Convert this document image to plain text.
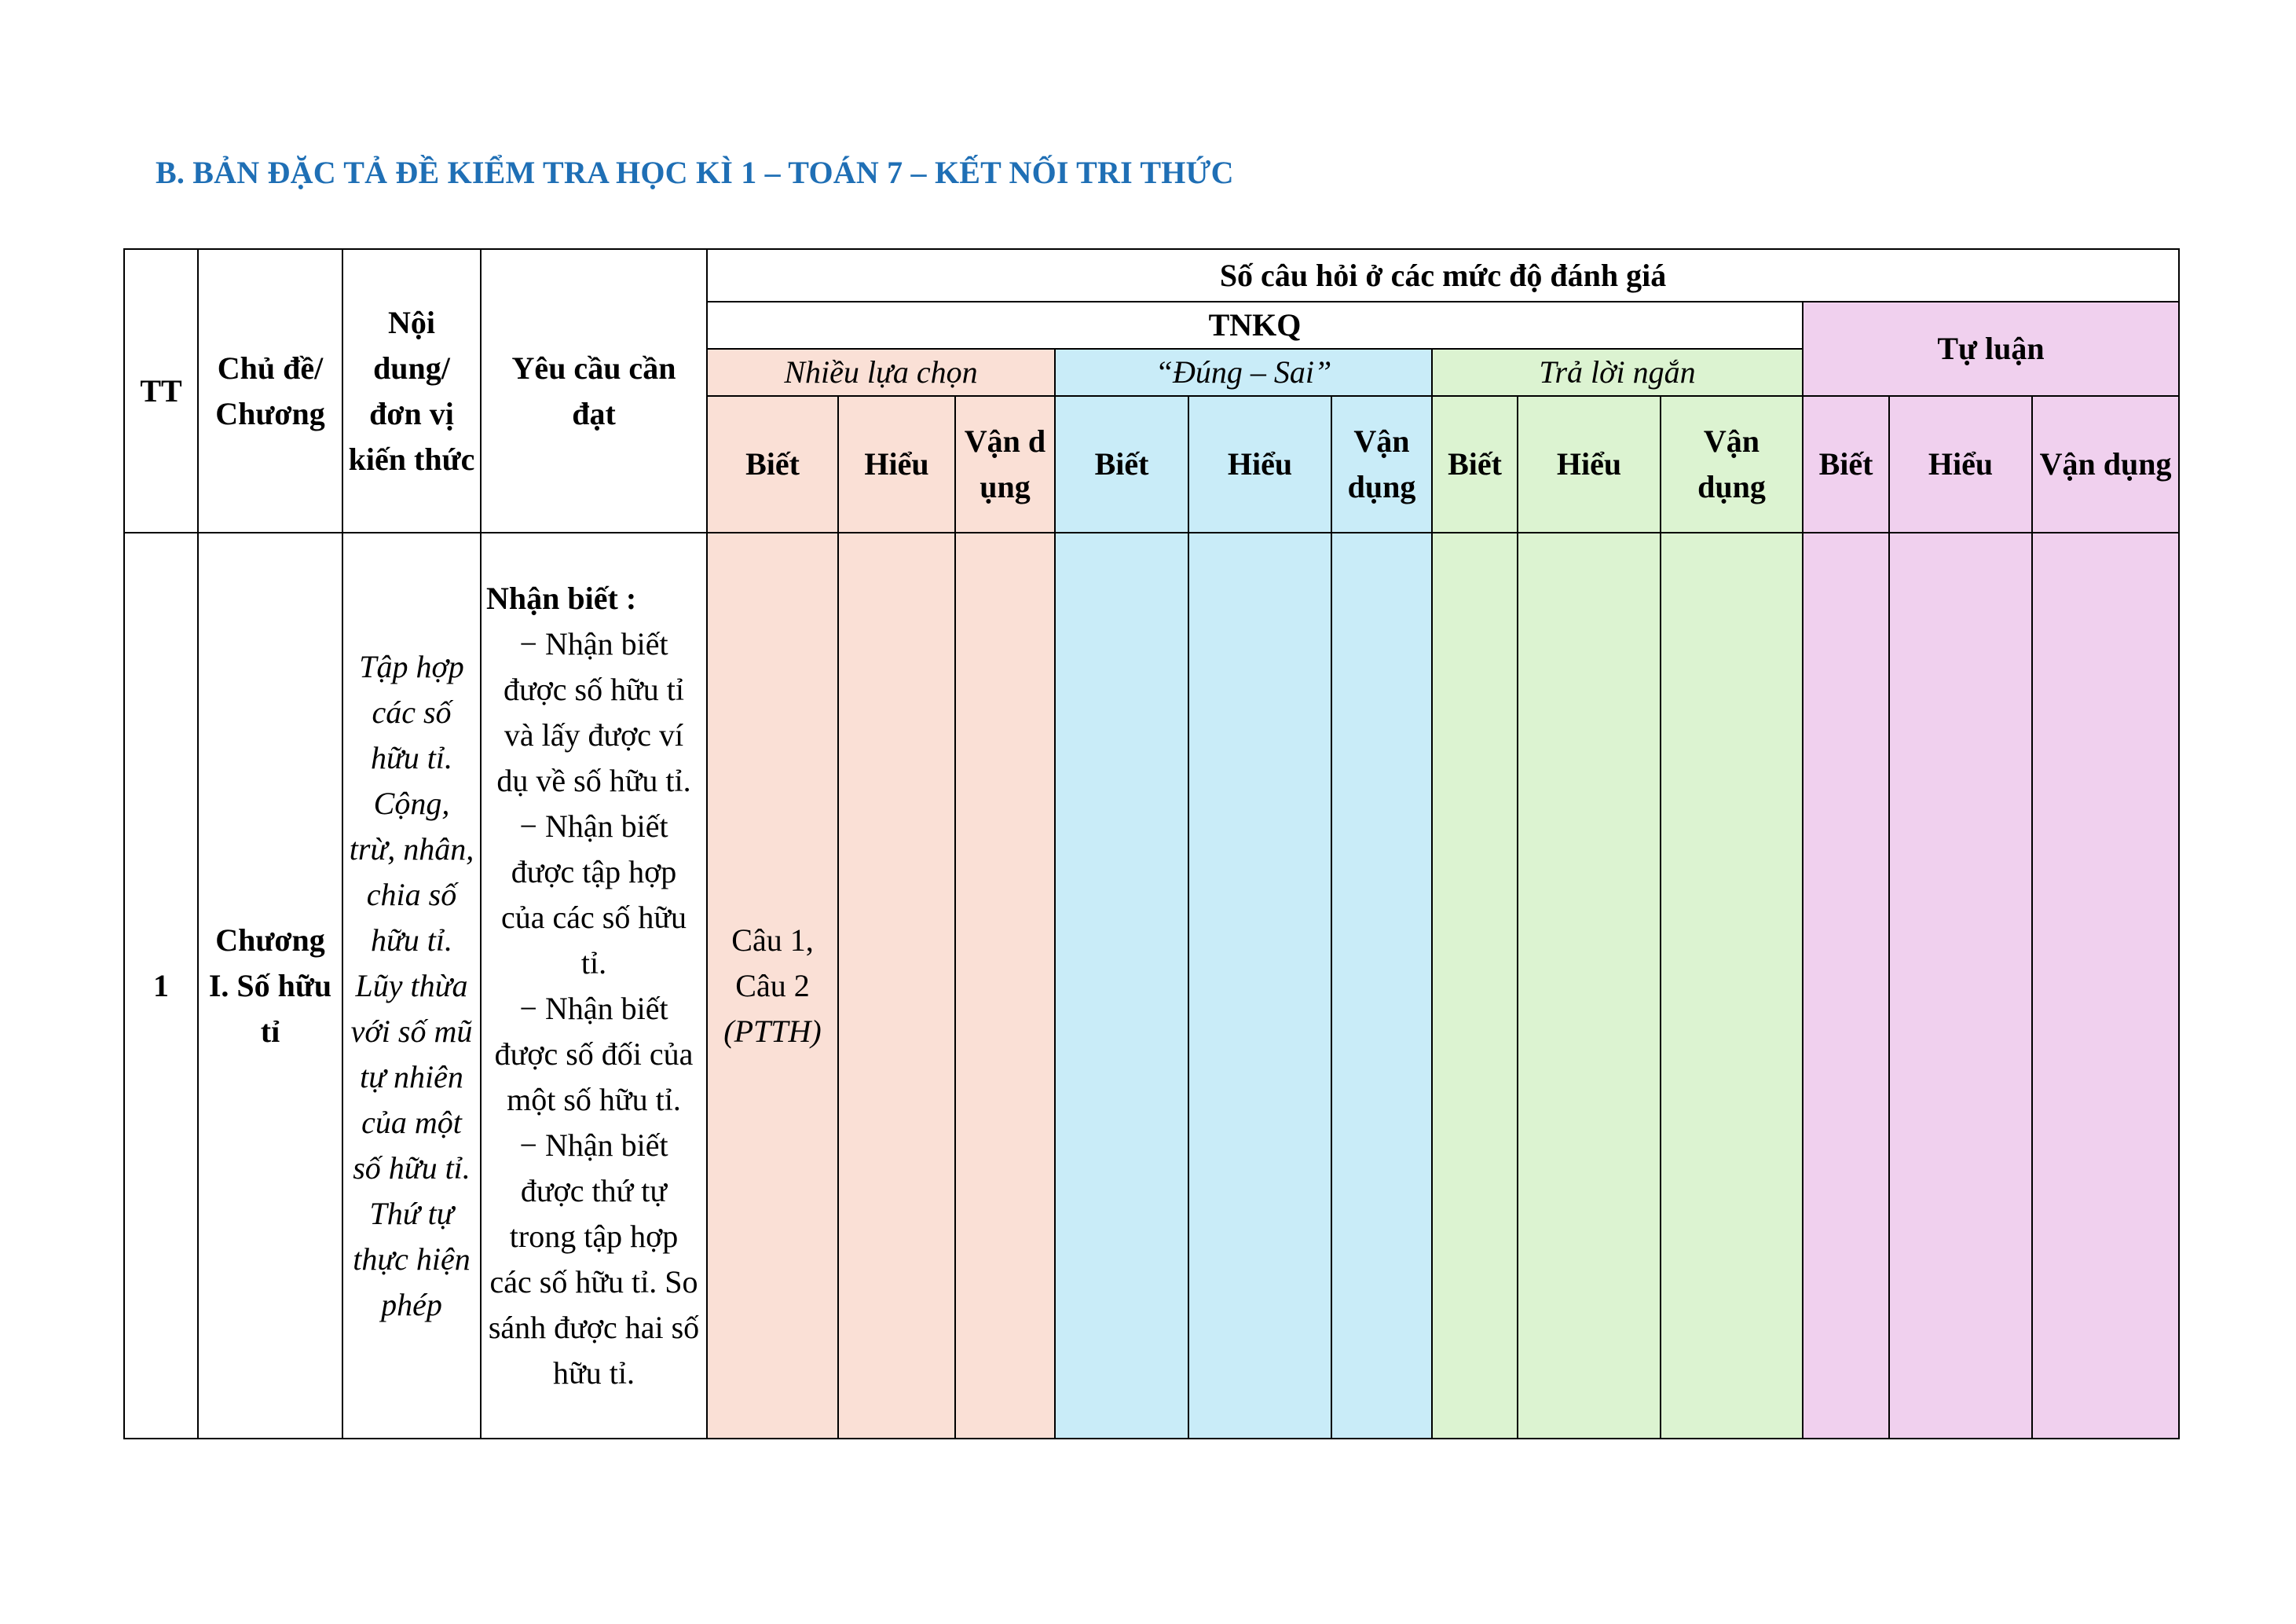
B. BẢN ĐẶC TẢ ĐỀ KIỂM TRA HỌC KÌ 1 – TOÁN 7 – KẾT NỐI TRI THỨC
TT	Chủ đề/ Chương	Nội dung/ đơn vị kiến thức	Yêu cầu cần đạt	Số câu hỏi ở các mức độ đánh giá											
				TNKQ									Tự luận		
				Nhiều lựa chọn			“Đúng – Sai”			Trả lời ngắn					
				Biết	Hiểu	Vận dụng	Biết	Hiểu	Vận dụng	Biết	Hiểu	Vận dụng	Biết	Hiểu	Vận dụng
1	Chương I. Số hữu tỉ	Tập hợp các số hữu tỉ. Cộng, trừ, nhân, chia số hữu tỉ. Lũy thừa với số mũ tự nhiên của một số hữu tỉ. Thứ tự thực hiện phép	Nhận biết :
− Nhận biết được số hữu tỉ và lấy được ví dụ về số hữu tỉ.
− Nhận biết được tập hợp của các số hữu tỉ.
− Nhận biết được số đối của một số hữu tỉ.
− Nhận biết được thứ tự trong tập hợp các số hữu tỉ. So sánh được hai số hữu tỉ.	Câu 1, Câu 2
(PTTH)											
